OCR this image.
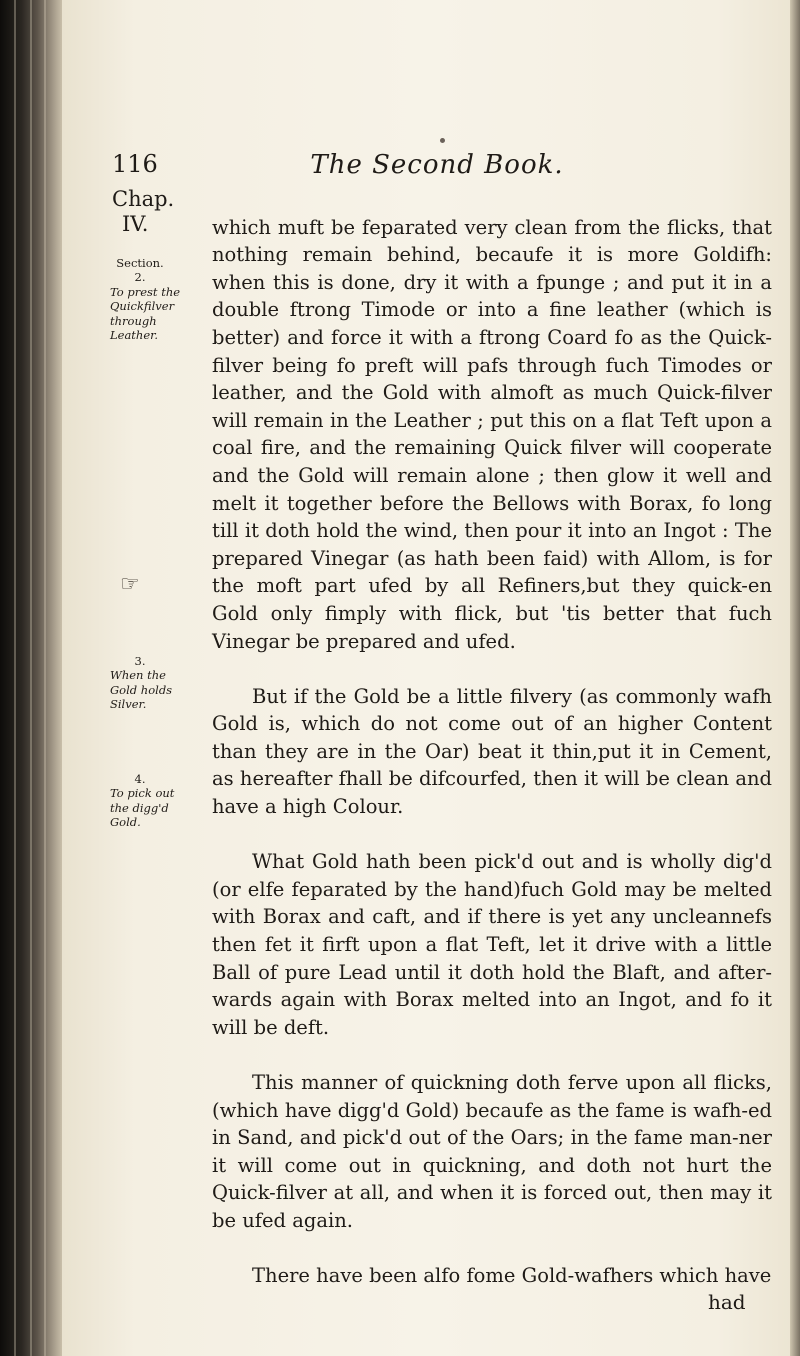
116	The Second Book.
Chap.
IV.
Section. 2.
To prest the Quickfilver through Leather.
☞
3.
When the Gold holds Silver.
4.
To pick out the digg'd Gold.

which muft be feparated very clean from the flicks, that nothing remain behind, becaufe it is more Goldifh: when this is done, dry it with a fpunge ; and put it in a double ftrong Timode or into a fine leather (which is better) and force it with a ftrong Coard fo as the Quick-filver being fo preft will pafs through fuch Timodes or leather, and the Gold with almoft as much Quick-filver will remain in the Leather ; put this on a flat Teft upon a coal fire, and the remaining Quick filver will cooperate and the Gold will remain alone ; then glow it well and melt it together before the Bellows with Borax, fo long till it doth hold the wind, then pour it into an Ingot : The prepared Vinegar (as hath been faid) with Allom, is for the moft part ufed by all Refiners,but they quick-en Gold only fimply with flick, but 'tis better that fuch Vinegar be prepared and ufed.

But if the Gold be a little filvery (as commonly wafh Gold is, which do not come out of an higher Content than they are in the Oar) beat it thin,put it in Cement, as hereafter fhall be difcourfed, then it will be clean and have a high Colour.

What Gold hath been pick'd out and is wholly dig'd (or elfe feparated by the hand)fuch Gold may be melted with Borax and caft, and if there is yet any uncleannefs then fet it firft upon a flat Teft, let it drive with a little Ball of pure Lead until it doth hold the Blaft, and after-wards again with Borax melted into an Ingot, and fo it will be deft.

This manner of quickning doth ferve upon all flicks, (which have digg'd Gold) becaufe as the fame is wafh-ed in Sand, and pick'd out of the Oars; in the fame man-ner it will come out in quickning, and doth not hurt the Quick-filver at all, and when it is forced out, then may it be ufed again.

There have been alfo fome Gold-wafhers which have

had
